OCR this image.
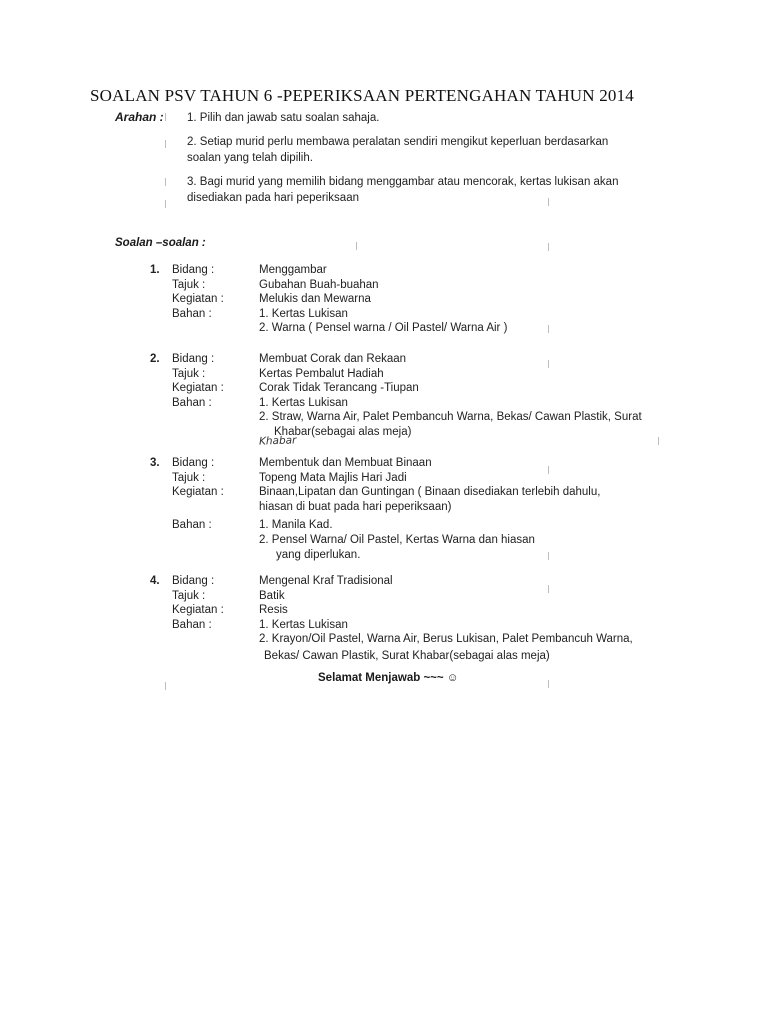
SOALAN PSV TAHUN 6 -PEPERIKSAAN PERTENGAHAN TAHUN 2014
Arahan : 1. Pilih dan jawab satu soalan sahaja.
2. Setiap murid perlu membawa peralatan sendiri mengikut keperluan berdasarkan
soalan yang telah dipilih.
3. Bagi murid yang memilih bidang menggambar atau mencorak, kertas lukisan akan
disediakan pada hari peperiksaan
Soalan –soalan :
1. Bidang :	Menggambar
Tajuk :	Gubahan Buah-buahan
Kegiatan :	Melukis dan Mewarna
Bahan :	1. Kertas Lukisan
2. Warna ( Pensel warna / Oil Pastel/ Warna Air )
2. Bidang :	Membuat Corak dan Rekaan
Tajuk :	Kertas Pembalut Hadiah
Kegiatan :	Corak Tidak Terancang -Tiupan
Bahan :	1. Kertas Lukisan
2. Straw, Warna Air, Palet Pembancuh Warna, Bekas/ Cawan Plastik, Surat
Khabar(sebagai alas meja)
Khabar
3. Bidang :	Membentuk dan Membuat Binaan
Tajuk :	Topeng Mata Majlis Hari Jadi
Kegiatan :	Binaan,Lipatan dan Guntingan ( Binaan disediakan terlebih dahulu,
hiasan di buat pada hari peperiksaan)
Bahan :	1. Manila Kad.
2. Pensel Warna/ Oil Pastel, Kertas Warna dan hiasan
yang diperlukan.
4. Bidang :	Mengenal Kraf Tradisional
Tajuk :	Batik
Kegiatan :	Resis
Bahan :	1. Kertas Lukisan
2. Krayon/Oil Pastel, Warna Air, Berus Lukisan, Palet Pembancuh Warna,
Bekas/ Cawan Plastik, Surat Khabar(sebagai alas meja)
Selamat Menjawab ~~~ ☺
